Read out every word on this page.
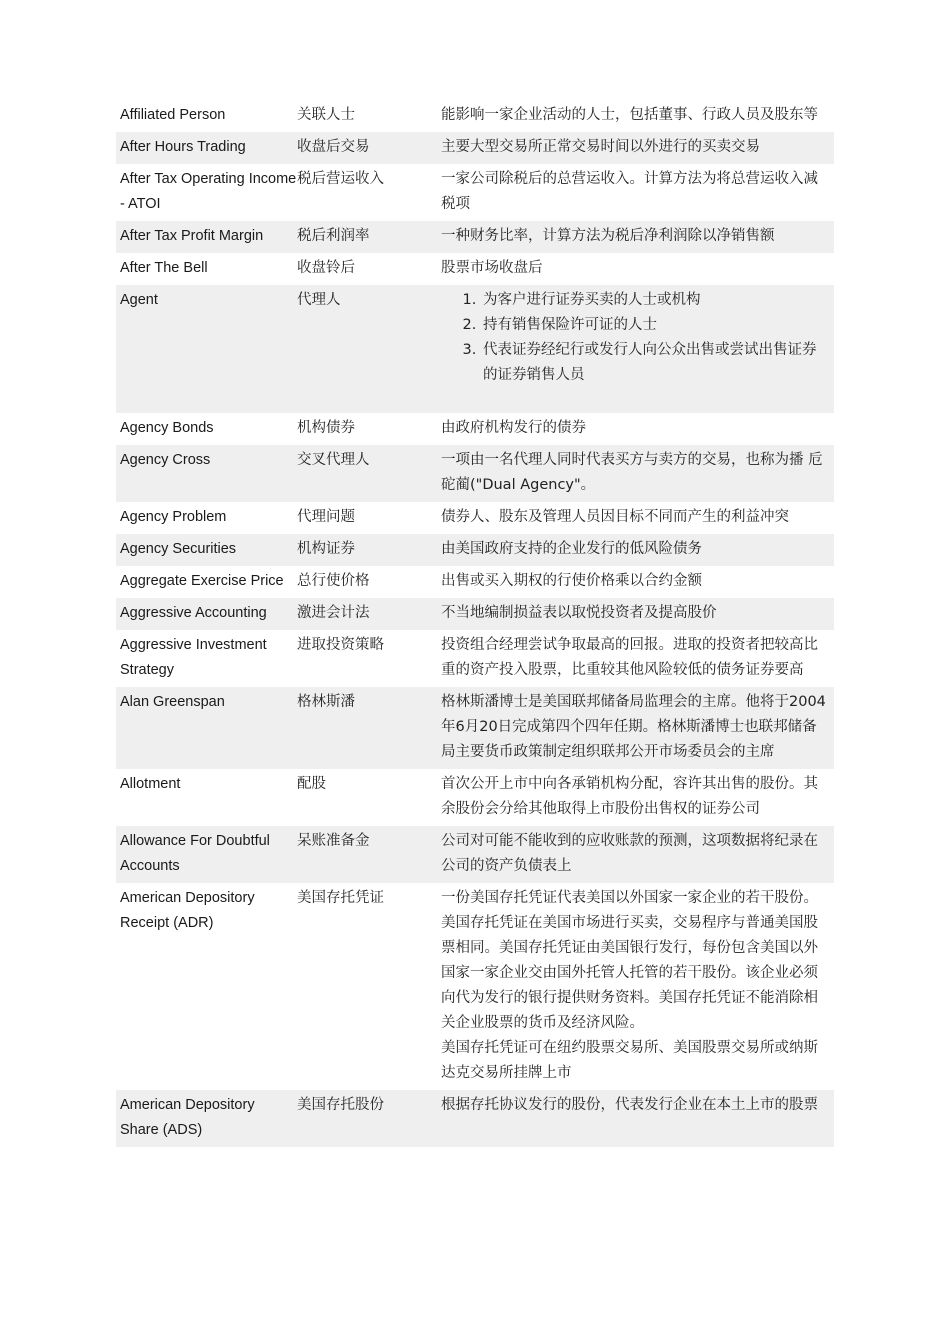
Affiliated Person	关联人士	能影响一家企业活动的人士，包括董事、行政人员及股东等

After Hours Trading	收盘后交易	主要大型交易所正常交易时间以外进行的买卖交易

After Tax Operating Income - ATOI
税后营运收入	一家公司除税后的总营运收入。计算方法为将总营运收入减税项

After Tax Profit Margin	税后利润率	一种财务比率，计算方法为税后净利润除以净销售额

After The Bell	收盘铃后	股票市场收盘后

Agent	代理人
1.	为客户进行证券买卖的人士或机构
2. 持有销售保险许可证的人士
3. 代表证券经纪行或发行人向公众出售或尝试出售证券的证券销售人员
Agency Bonds	机构债券	由政府机构发行的债券

Agency Cross	交叉代理人	一项由一名代理人同时代表买方与卖方的交易，也称为播 卮 砣蔺("Dual Agency"。

Agency Problem	代理问题	债券人、股东及管理人员因目标不同而产生的利益冲突

Agency Securities	机构证券	由美国政府支持的企业发行的低风险债务

Aggregate Exercise Price 总行使价格	出售或买入期权的行使价格乘以合约金额

Aggressive Accounting	激进会计法	不当地编制损益表以取悦投资者及提高股价

Aggressive Investment Strategy
进取投资策略	投资组合经理尝试争取最高的回报。进取的投资者把较高比重的资产投入股票，比重较其他风险较低的债务证券要高

Alan Greenspan	格林斯潘	格林斯潘博士是美国联邦储备局监理会的主席。他将于2004年6月20日完成第四个四年任期。格林斯潘博士也联邦储备局主要货币政策制定组织联邦公开市场委员会的主席

Allotment	配股	首次公开上市中向各承销机构分配，容许其出售的股份。其余股份会分给其他取得上市股份出售权的证券公司

Allowance For Doubtful Accounts
呆账准备金	公司对可能不能收到的应收账款的预测，这项数据将纪录在公司的资产负债表上

American Depository Receipt (ADR)
美国存托凭证	一份美国存托凭证代表美国以外国家一家企业的若干股份。美国存托凭证在美国市场进行买卖，交易程序与普通美国股票相同。美国存托凭证由美国银行发行，每份包含美国以外国家一家企业交由国外托管人托管的若干股份。该企业必须向代为发行的银行提供财务资料。美国存托凭证不能消除相关企业股票的货币及经济风险。

美国存托凭证可在纽约股票交易所、美国股票交易所或纳斯达克交易所挂牌上市

American Depository Share (ADS)
美国存托股份	根据存托协议发行的股份，代表发行企业在本土上市的股票
